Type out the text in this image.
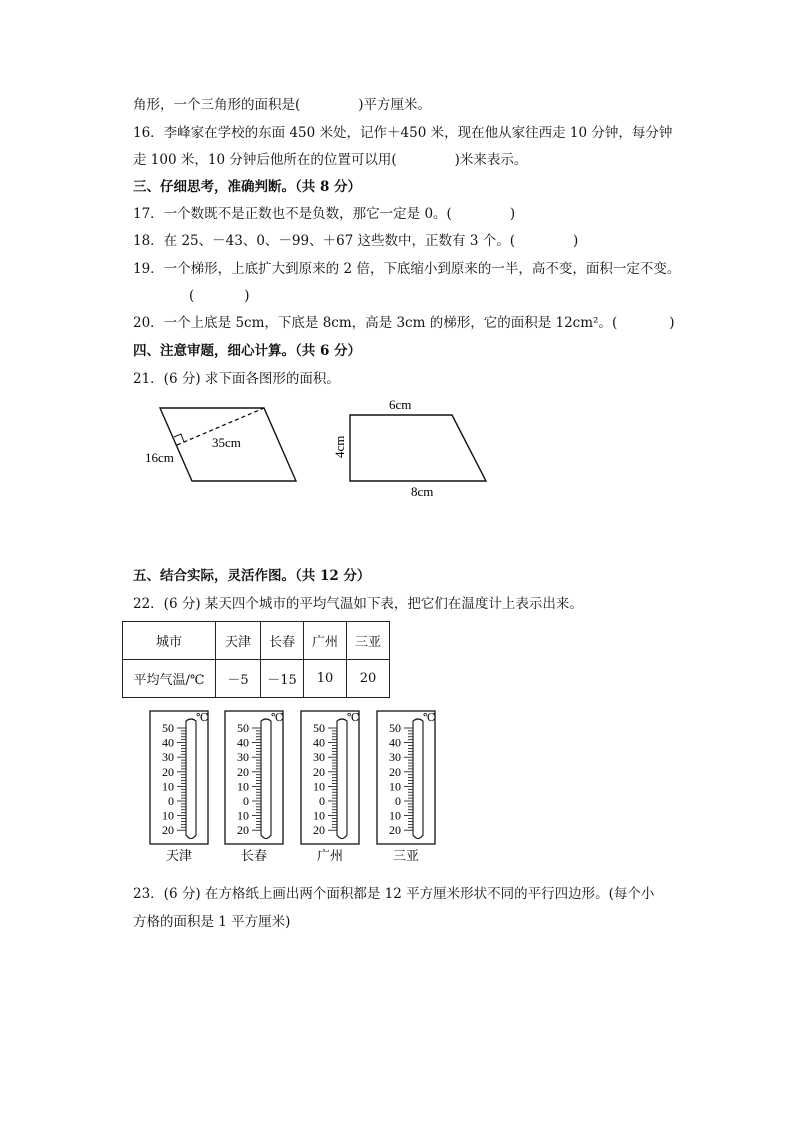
角形，一个三角形的面积是(	)平方厘米。
16．李峰家在学校的东面 450 米处，记作＋450 米，现在他从家往西走 10 分钟，每分钟
走 100 米，10 分钟后他所在的位置可以用(	)米来表示。
三、仔细思考，准确判断。（共 8 分）
17．一个数既不是正数也不是负数，那它一定是 0。(	)
18．在 25、－43、0、－99、＋67 这些数中，正数有 3 个。(	)
19．一个梯形，上底扩大到原来的 2 倍，下底缩小到原来的一半，高不变，面积一定不变。
(	)
20．一个上底是 5cm，下底是 8cm，高是 3cm 的梯形，它的面积是 12cm²。(	)
四、注意审题，细心计算。（共 6 分）
21．(6 分) 求下面各图形的面积。
16cm
35cm
6cm
4cm
8cm
五、结合实际，灵活作图。（共 12 分）
22．(6 分) 某天四个城市的平均气温如下表，把它们在温度计上表示出来。
城市	天津	长春	广州	三亚
平均气温/℃	－5	－15	10	20
℃
50
40
30
20
10
0
10
20
天津
℃
50
40
30
20
10
0
10
20
长春
℃
50
40
30
20
10
0
10
20
广州
℃
50
40
30
20
10
0
10
20
三亚
23．(6 分) 在方格纸上画出两个面积都是 12 平方厘米形状不同的平行四边形。(每个小
方格的面积是 1 平方厘米)
